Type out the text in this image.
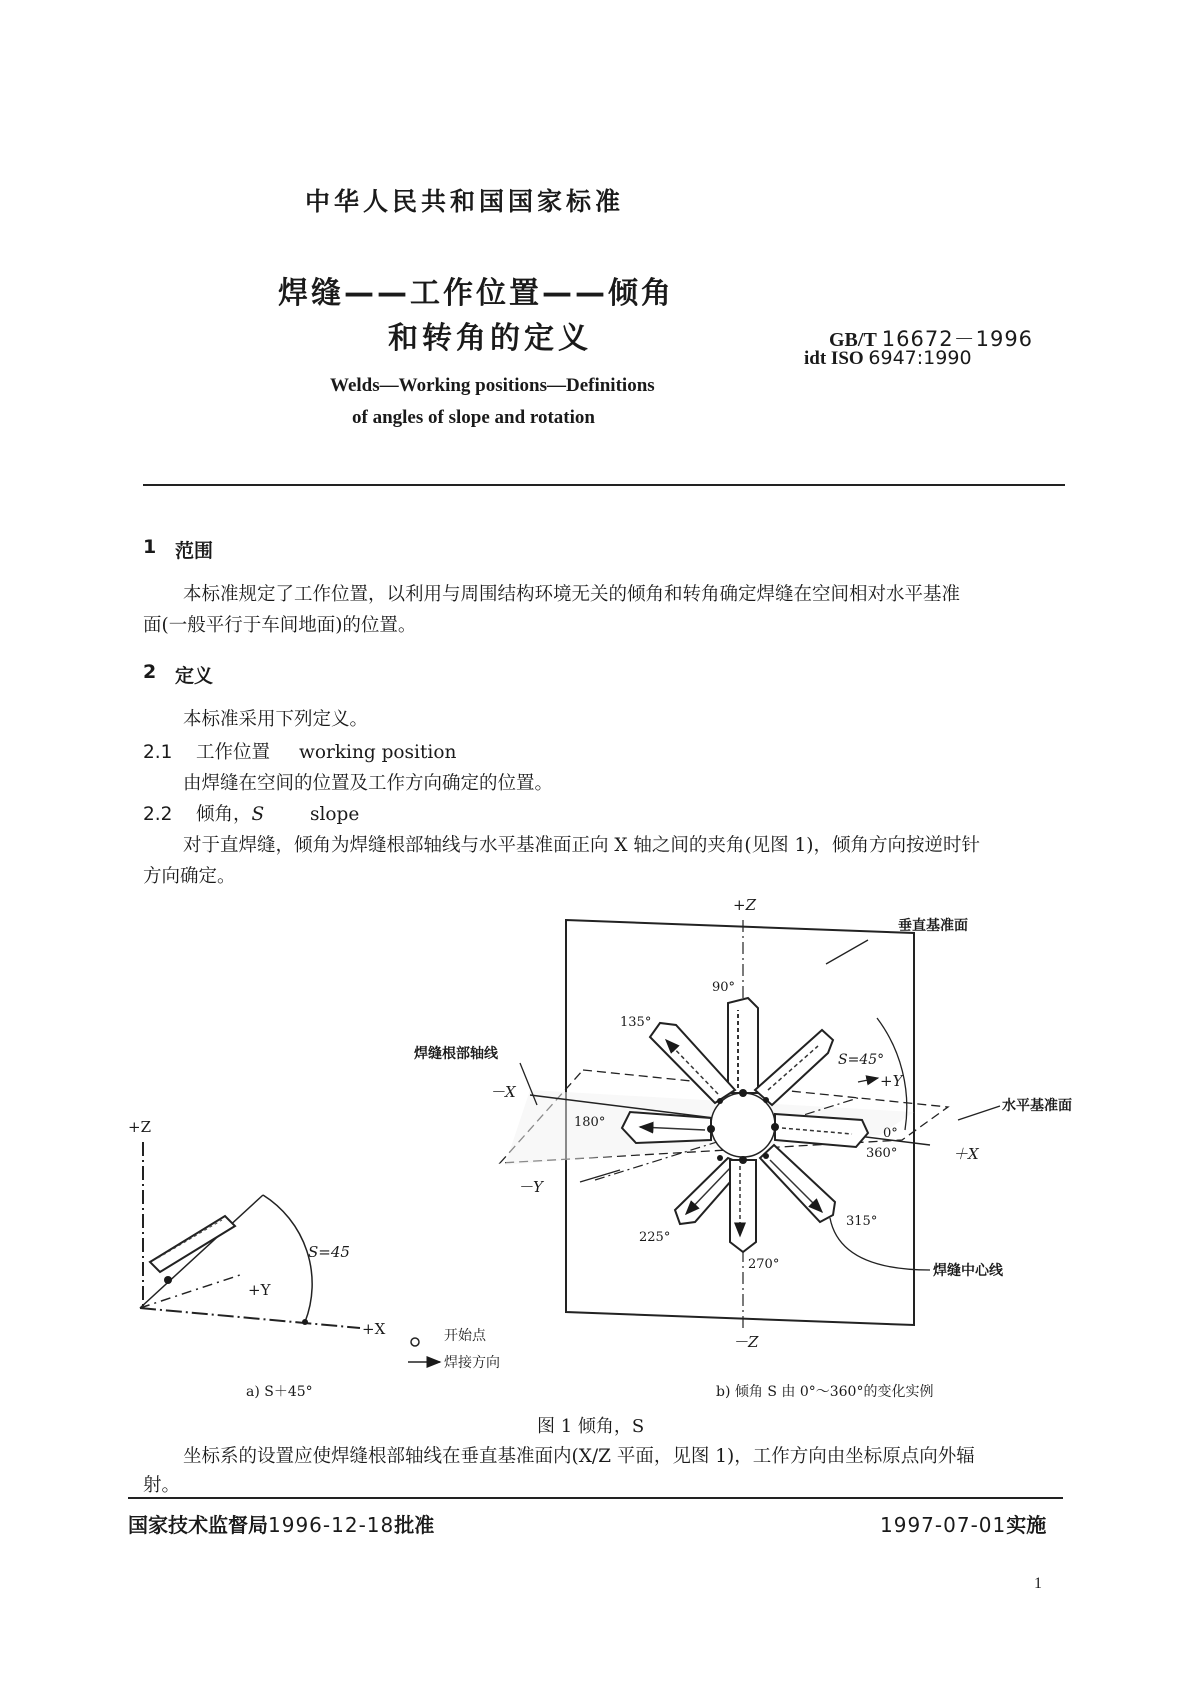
中华人民共和国国家标准
焊缝——工作位置——倾角
和转角的定义	GB/T 16672－1996
idt ISO 6947:1990
Welds—Working positions—Definitions
of angles of slope and rotation
1 范围
本标准规定了工作位置，以利用与周围结构环境无关的倾角和转角确定焊缝在空间相对水平基准
面(一般平行于车间地面)的位置。
2 定义
本标准采用下列定义。
2.1 工作位置 working position
由焊缝在空间的位置及工作方向确定的位置。
2.2 倾角，S slope
对于直焊缝，倾角为焊缝根部轴线与水平基准面正向 X 轴之间的夹角(见图 1)，倾角方向按逆时针
方向确定。
+Z
+X
+Y
S=45
开始点
焊接方向
+Z
－Z
－X
＋X
－Y
+Y
垂直基准面
水平基准面
焊缝根部轴线
焊缝中心线
S=45°
90°
135°
180°
0°
360°
225°
270°
315°
a) S＋45°	b) 倾角 S 由 0°～360°的变化实例
图 1 倾角，S
坐标系的设置应使焊缝根部轴线在垂直基准面内(X/Z 平面，见图 1)，工作方向由坐标原点向外辐
射。
国家技术监督局1996-12-18批准	1997-07-01实施
1
